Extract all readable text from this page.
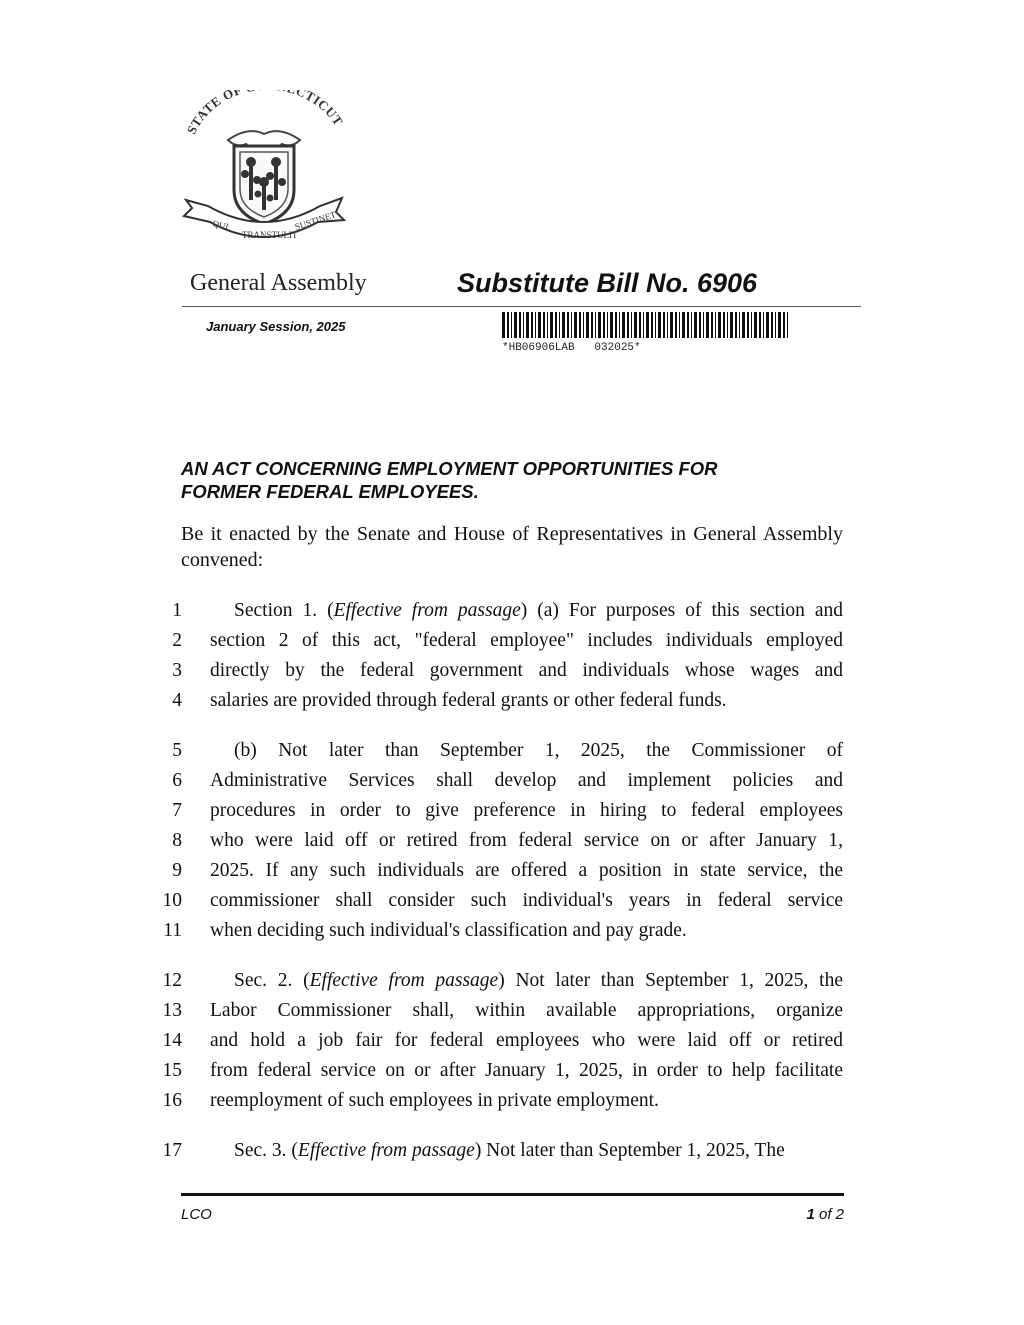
STATE OF CTICUT
QUI
TRANSTULIT
SUSTINET
General Assembly	Substitute Bill No. 6906
January Session, 2025
*HB06906LAB   032025*
AN ACT CONCERNING EMPLOYMENT OPPORTUNITIES FOR
FORMER FEDERAL EMPLOYEES.
Be it enacted by the Senate and House of Representatives in General Assembly convened:
1	Section 1. (Effective from passage) (a) For purposes of this section and
2 section 2 of this act, "federal employee" includes individuals employed
3 directly by the federal government and individuals whose wages and
4 salaries are provided through federal grants or other federal funds.
5	(b) Not later than September 1, 2025, the Commissioner of
6 Administrative Services shall develop and implement policies and
7 procedures in order to give preference in hiring to federal employees
8 who were laid off or retired from federal service on or after January 1,
9 2025. If any such individuals are offered a position in state service, the
10 commissioner shall consider such individual's years in federal service
11 when deciding such individual's classification and pay grade.
12	Sec. 2. (Effective from passage) Not later than September 1, 2025, the
13 Labor Commissioner shall, within available appropriations, organize
14 and hold a job fair for federal employees who were laid off or retired
15 from federal service on or after January 1, 2025, in order to help facilitate
16 reemployment of such employees in private employment.
17	Sec. 3. (Effective from passage) Not later than September 1, 2025, The
LCO	1 of 2
